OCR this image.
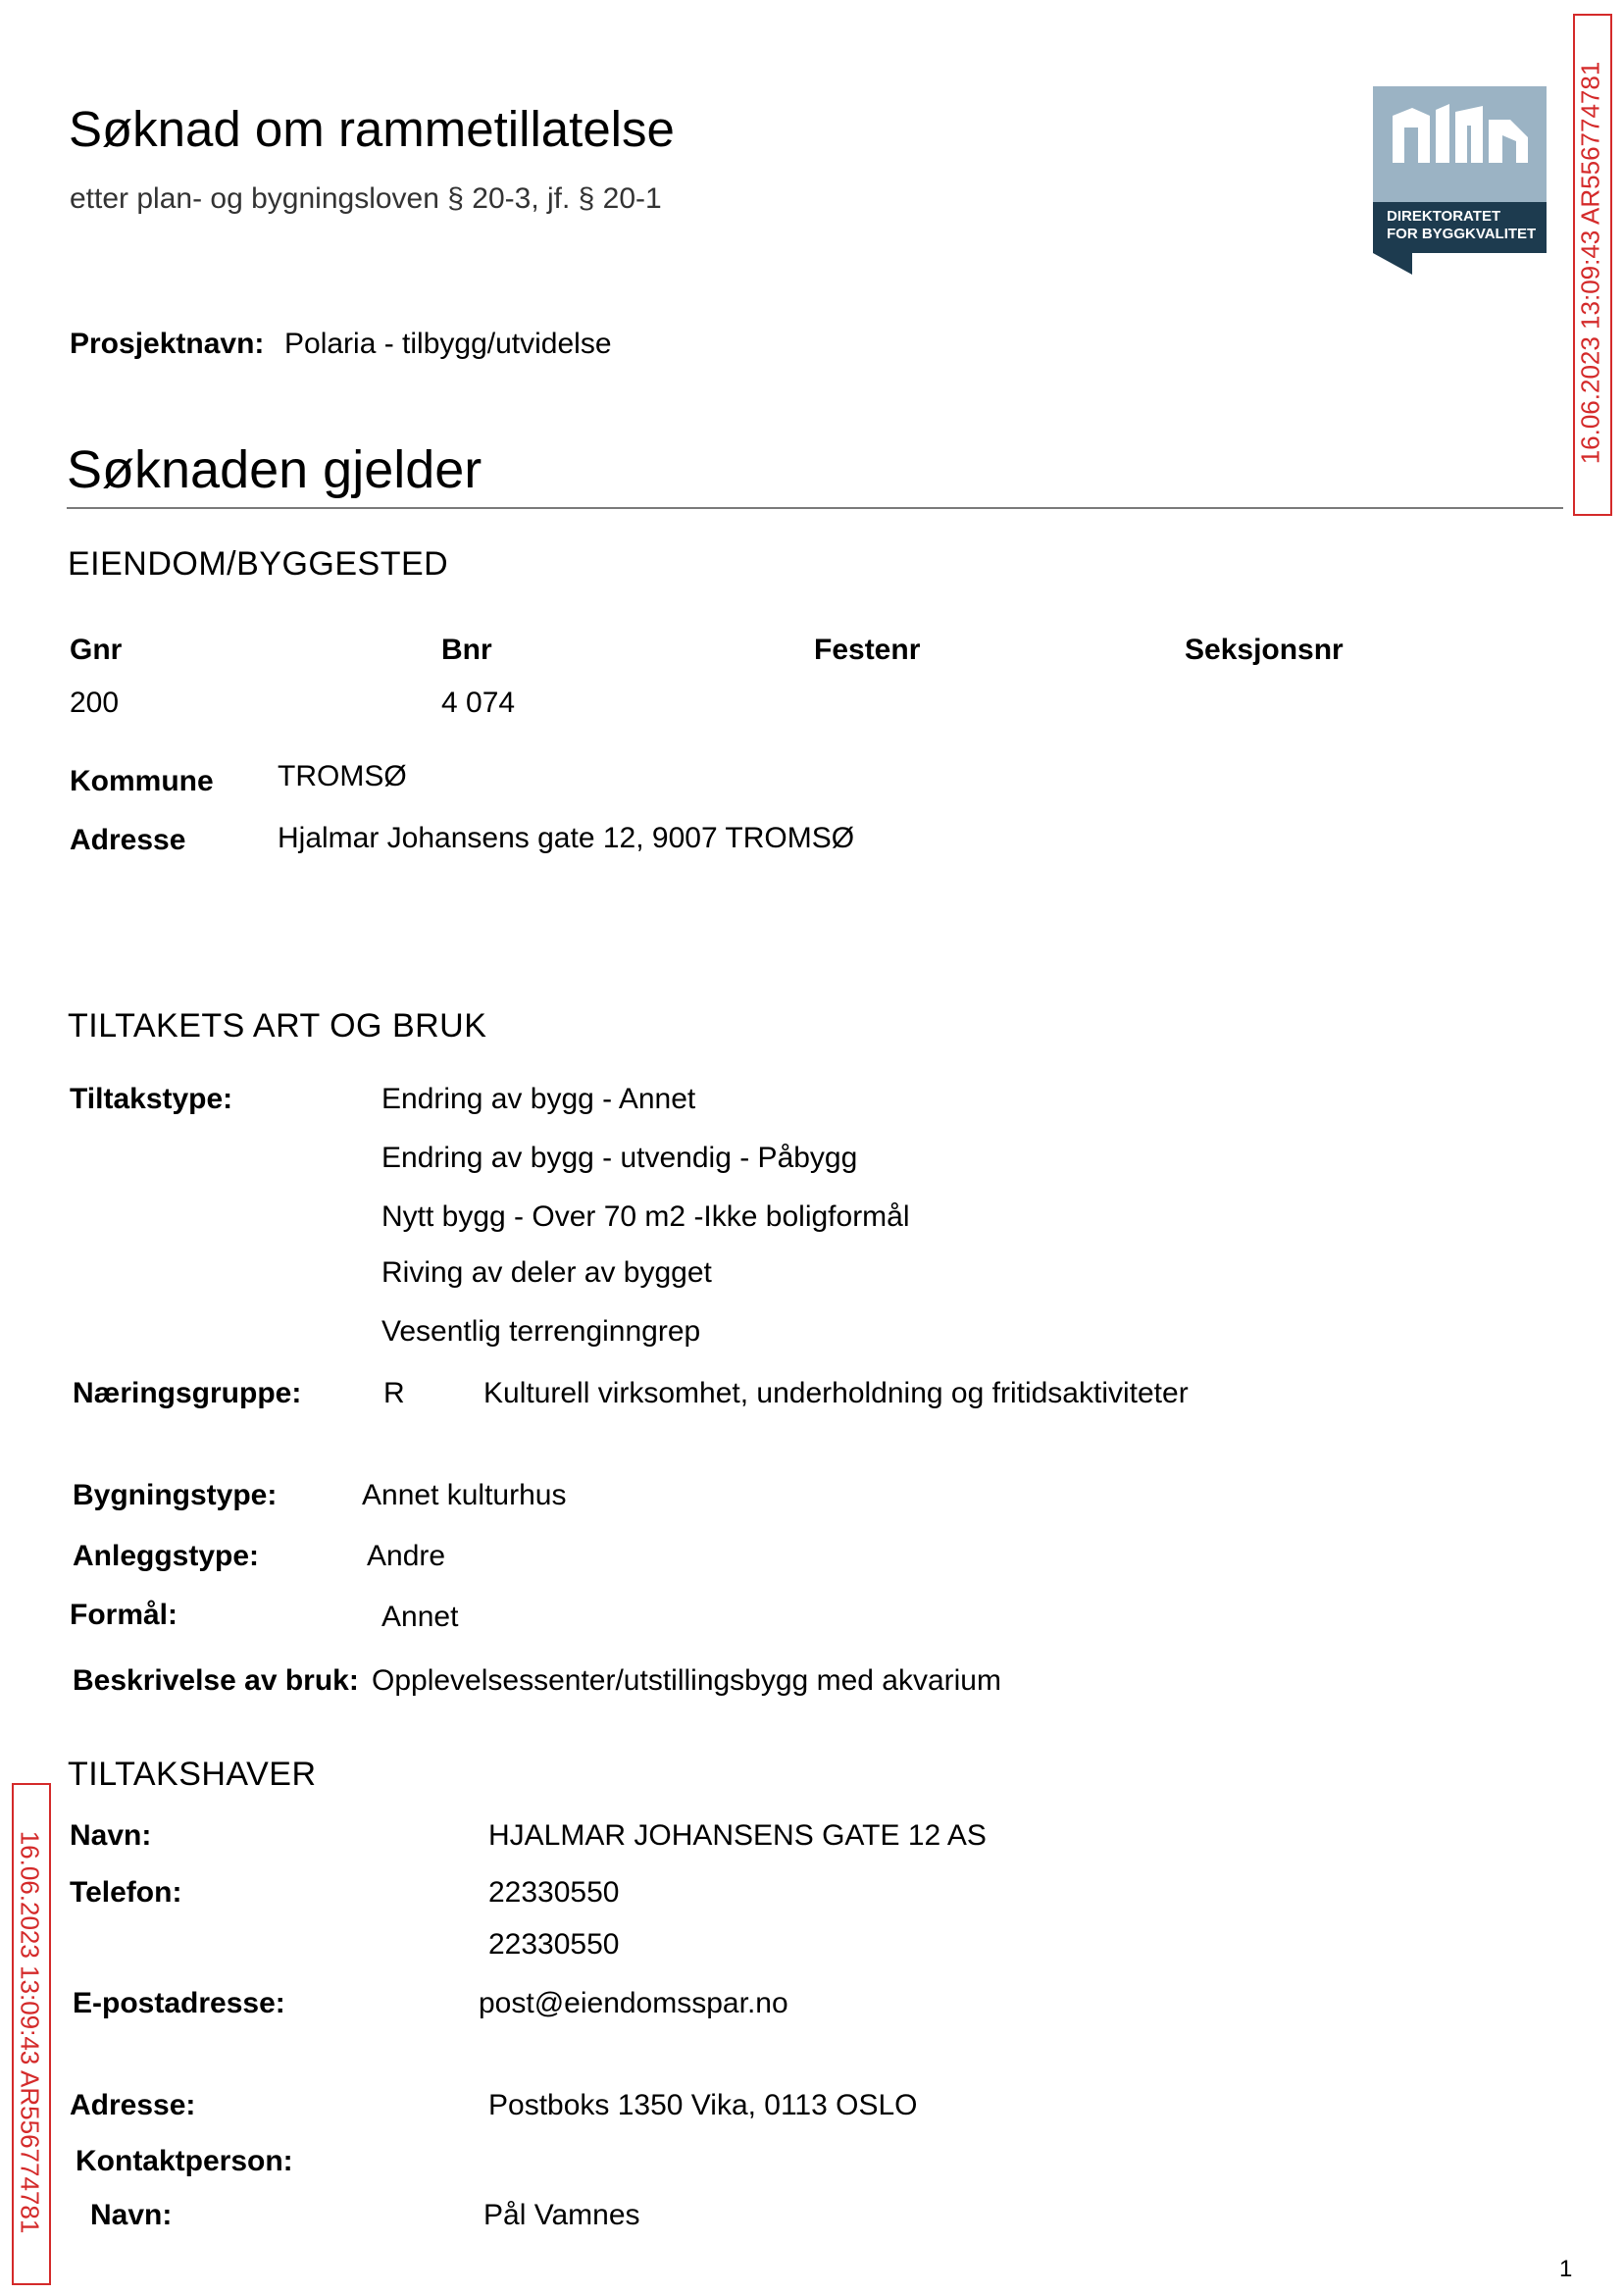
Søknad om rammetillatelse
etter plan- og bygningsloven § 20-3, jf. § 20-1
Prosjektnavn: Polaria - tilbygg/utvidelse
DIREKTORATET
FOR BYGGKVALITET 16.06.2023 13:09:43 AR556774781
16.06.2023 13:09:43 AR556774781
Søknaden gjelder
EIENDOM/BYGGESTED
Gnr	Bnr	Festenr	Seksjonsnr
200	4 074
Kommune TROMSØ
Adresse	Hjalmar Johansens gate 12, 9007 TROMSØ
TILTAKETS ART OG BRUK
Tiltakstype:	Endring av bygg - Annet
Endring av bygg - utvendig - Påbygg
Nytt bygg - Over 70 m2 -Ikke boligformål
Riving av deler av bygget
Vesentlig terrenginngrep
Næringsgruppe:	R	Kulturell virksomhet, underholdning og fritidsaktiviteter
Bygningstype:	Annet kulturhus
Anleggstype:	Andre
Formål:	Annet
Beskrivelse av bruk: Opplevelsessenter/utstillingsbygg med akvarium
TILTAKSHAVER
Navn:	HJALMAR JOHANSENS GATE 12 AS
Telefon:	22330550
22330550
E-postadresse:	post@eiendomsspar.no
Adresse:	Postboks 1350 Vika, 0113 OSLO
Kontaktperson:
Navn:	Pål Vamnes
1
